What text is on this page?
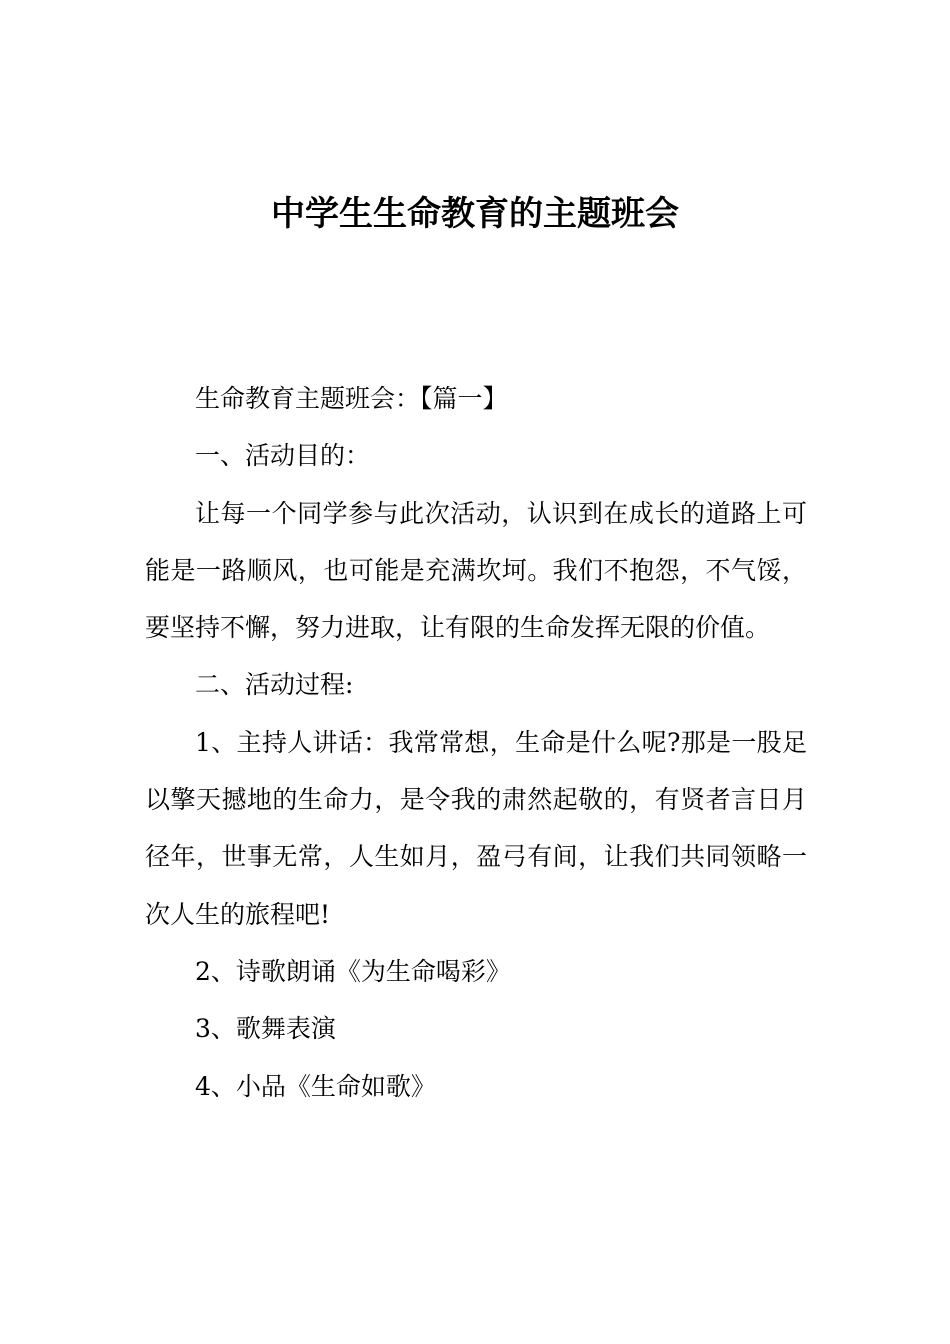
中学生生命教育的主题班会

生命教育主题班会：【篇一】

一、活动目的：

让每一个同学参与此次活动，认识到在成长的道路上可能是一路顺风，也可能是充满坎坷。我们不抱怨，不气馁，要坚持不懈，努力进取，让有限的生命发挥无限的价值。

二、活动过程:

1、主持人讲话：我常常想，生命是什么呢?那是一股足以擎天撼地的生命力，是令我的肃然起敬的，有贤者言日月径年，世事无常，人生如月，盈弓有间，让我们共同领略一次人生的旅程吧!

2、诗歌朗诵《为生命喝彩》

3、歌舞表演

4、小品《生命如歌》
